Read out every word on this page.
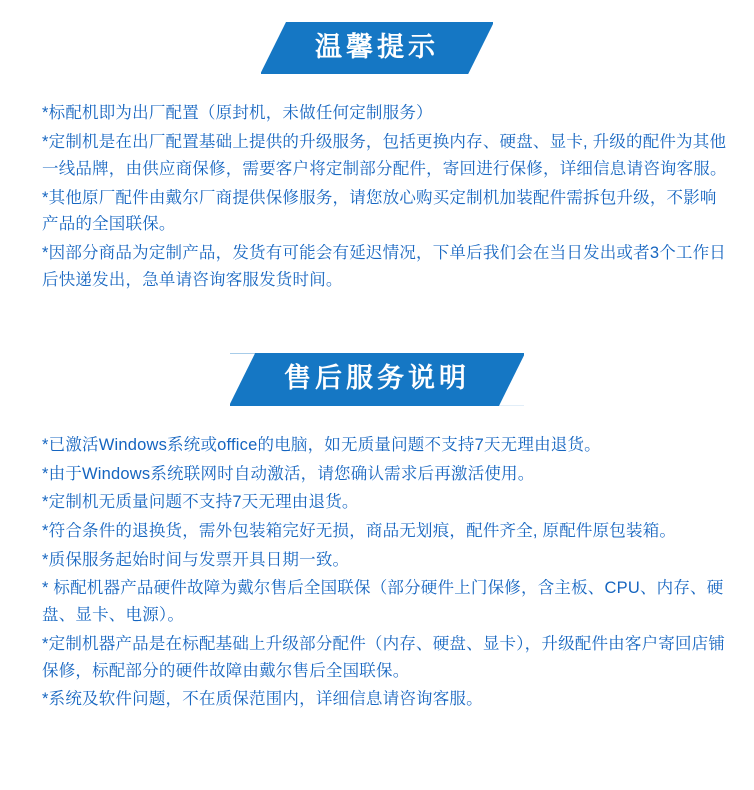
温馨提示
*标配机即为出厂配置（原封机，未做任何定制服务）
*定制机是在出厂配置基础上提供的升级服务，包括更换内存、硬盘、显卡, 升级的配件为其他一线品牌，由供应商保修，需要客户将定制部分配件，寄回进行保修，详细信息请咨询客服。
*其他原厂配件由戴尔厂商提供保修服务，请您放心购买定制机加装配件需拆包升级，不影响产品的全国联保。
*因部分商品为定制产品，发货有可能会有延迟情况，下单后我们会在当日发出或者3个工作日后快递发出，急单请咨询客服发货时间。
售后服务说明
*已激活Windows系统或office的电脑，如无质量问题不支持7天无理由退货。
*由于Windows系统联网时自动激活，请您确认需求后再激活使用。
*定制机无质量问题不支持7天无理由退货。
*符合条件的退换货，需外包装箱完好无损，商品无划痕，配件齐全, 原配件原包装箱。
*质保服务起始时间与发票开具日期一致。
* 标配机器产品硬件故障为戴尔售后全国联保（部分硬件上门保修，含主板、CPU、内存、硬盘、显卡、电源）。
*定制机器产品是在标配基础上升级部分配件（内存、硬盘、显卡），升级配件由客户寄回店铺保修，标配部分的硬件故障由戴尔售后全国联保。
*系统及软件问题，不在质保范围内，详细信息请咨询客服。
